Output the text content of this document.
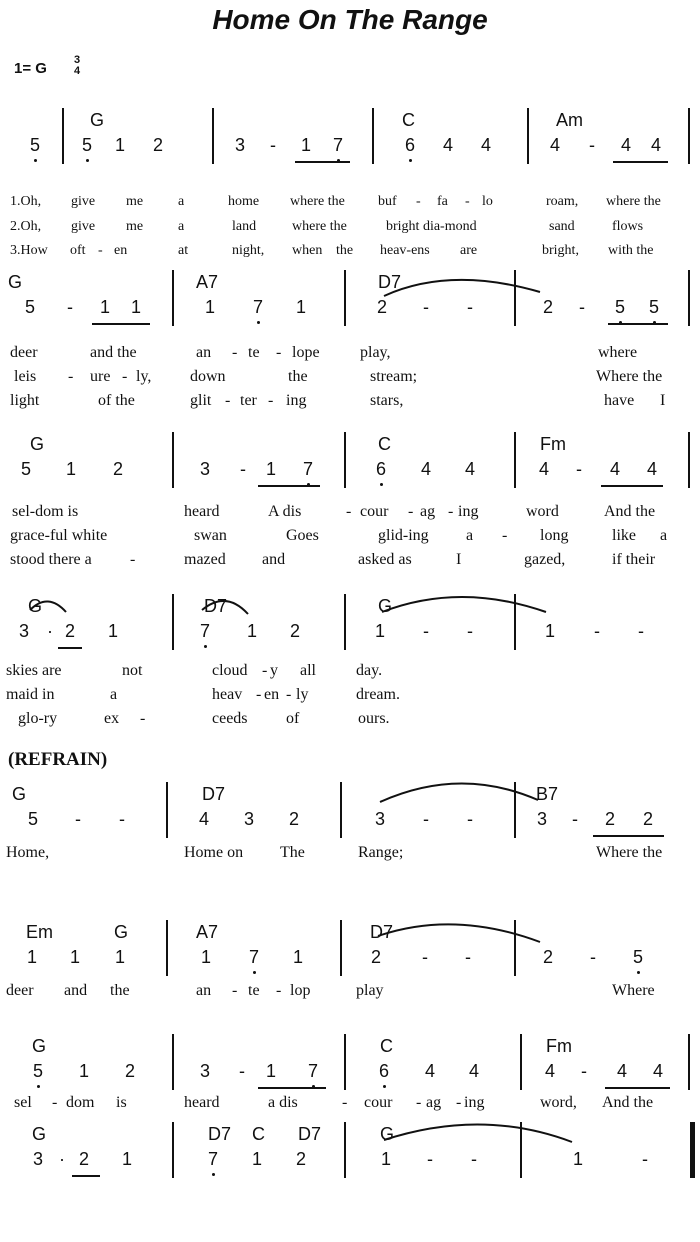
Home On The Range
1= G 3
4
(REFRAIN)
G	C	Am
5 5 1 2	3	-	1 7	6 4 4	4	-	4 4
1.Oh, give me a	home where the buf - fa - lo	roam, where the
2.Oh, give me a	land	where the	bright dia-mond	sand	flows
3.How oft - en	at	night, when the heav-ens are	bright, with the
G	A7	D7
5	-	1 1	1 7 1	2	-	-	2	-	5 5
deer	and the	an - te - lope	play,	where
leis - ure - ly, down	the	stream;	Where the
light	of the	glit - ter - ing	stars,	have I
G	C	Fm
5 1 2	3	-	1 7	6 4 4	4	-	4 4
sel-dom is	heard	A dis	- cour - ag - ing	word	And the
grace-ful white	swan	Goes	glid-ing a - long	like a
stood there a -	mazed and	asked as	I	gazed,	if their
G	D7	G
3	· 2 1	7 1 2	1	-	-	1	-	-
skies are	not	cloud - y all	day.
maid in	a	heav - en - ly	dream.
glo-ry	ex -	ceeds of	ours.
G	D7	B7
5	-	-	4 3 2	3	-	-	3	-	2 2
Home,	Home on The	Range;	Where the
Em	G	A7	D7
1 1 1	1 7 1	2	-	-	2	-	5
deer and the	an - te - lop	play	Where
G	C	Fm
5 1 2	3	-	1 7	6 4 4	4	-	4 4
sel - dom is	heard	a dis	- cour - ag - ing	word, And the
G	D7 C D7	G
3 · 2 1	7 1 2	1	-	-	1	-
